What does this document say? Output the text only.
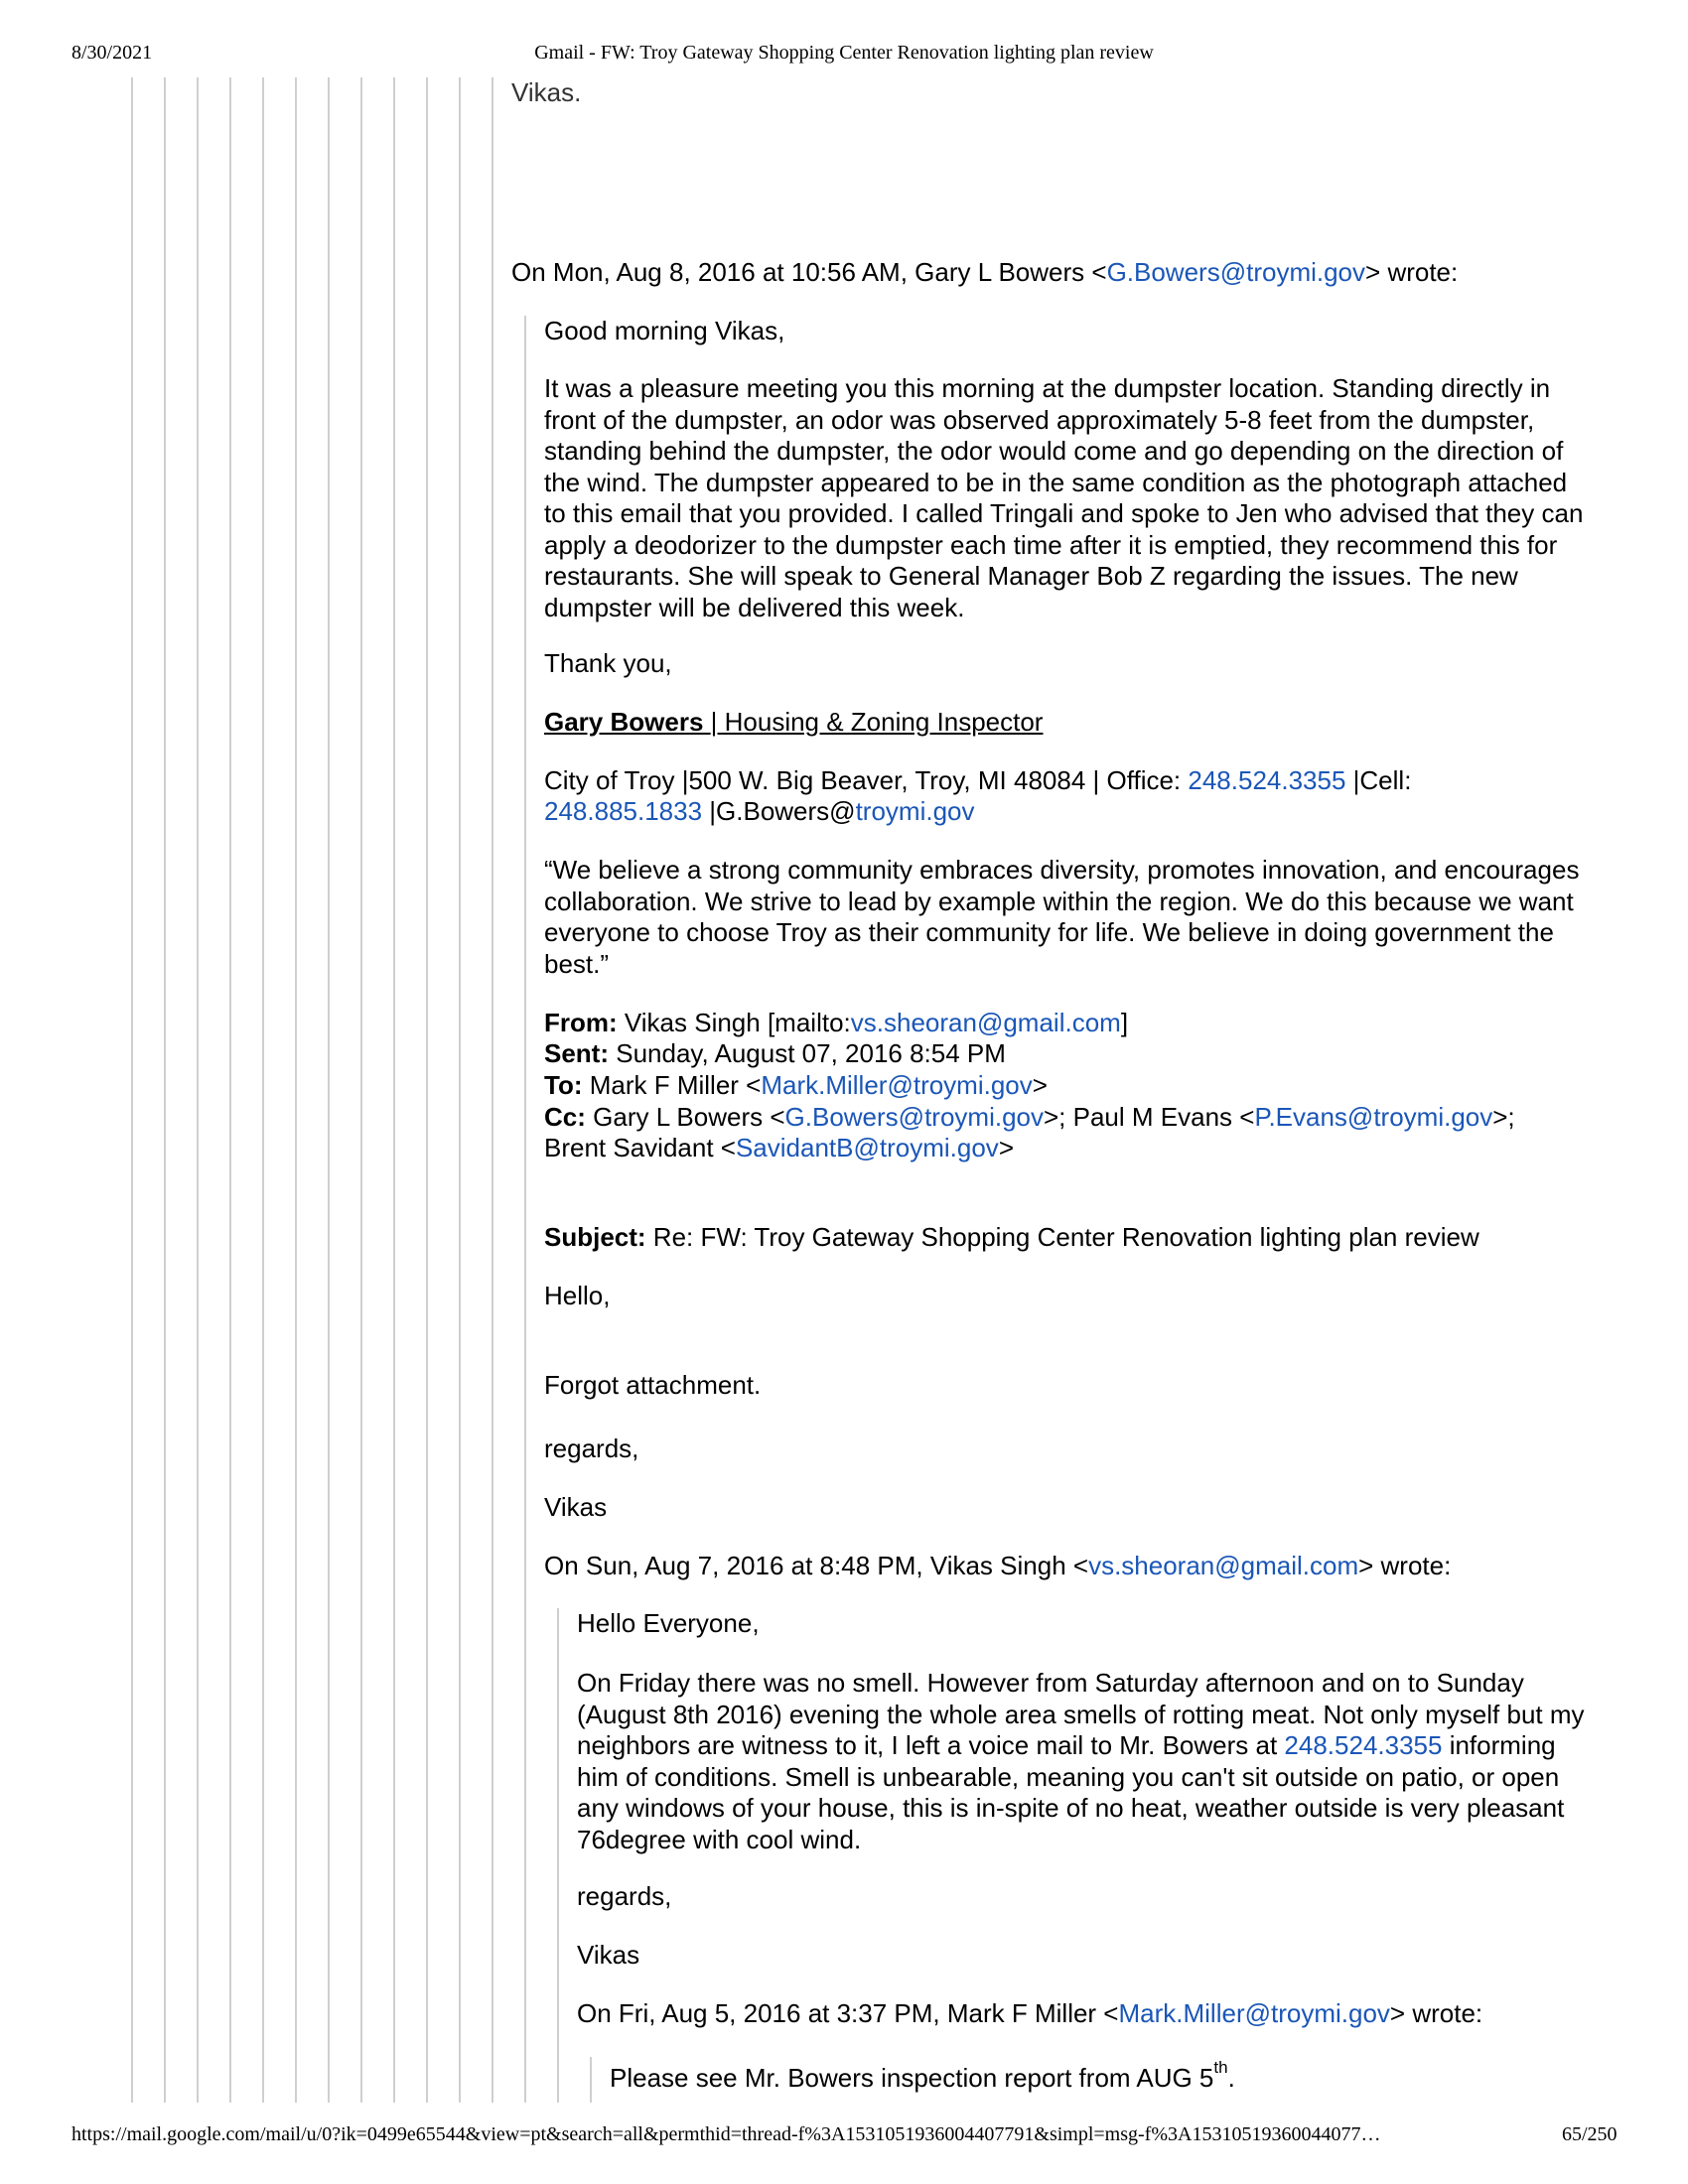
8/30/2021	Gmail - FW: Troy Gateway Shopping Center Renovation lighting plan review
Vikas.
On Mon, Aug 8, 2016 at 10:56 AM, Gary L Bowers <G.Bowers@troymi.gov> wrote:
Good morning Vikas,
It was a pleasure meeting you this morning at the dumpster location. Standing directly in front of the dumpster, an odor was observed approximately 5-8 feet from the dumpster, standing behind the dumpster, the odor would come and go depending on the direction of the wind. The dumpster appeared to be in the same condition as the photograph attached to this email that you provided. I called Tringali and spoke to Jen who advised that they can apply a deodorizer to the dumpster each time after it is emptied, they recommend this for restaurants. She will speak to General Manager Bob Z regarding the issues. The new dumpster will be delivered this week.
Thank you,
Gary Bowers | Housing & Zoning Inspector
City of Troy |500 W. Big Beaver, Troy, MI 48084 | Office: 248.524.3355 |Cell:
248.885.1833 |G.Bowers@troymi.gov
“We believe a strong community embraces diversity, promotes innovation, and encourages collaboration. We strive to lead by example within the region. We do this because we want everyone to choose Troy as their community for life. We believe in doing government the best.”
From: Vikas Singh [mailto:vs.sheoran@gmail.com]
Sent: Sunday, August 07, 2016 8:54 PM
To: Mark F Miller <Mark.Miller@troymi.gov>
Cc: Gary L Bowers <G.Bowers@troymi.gov>; Paul M Evans <P.Evans@troymi.gov>;
Brent Savidant <SavidantB@troymi.gov>
Subject: Re: FW: Troy Gateway Shopping Center Renovation lighting plan review
Hello,
Forgot attachment.
regards,
Vikas
On Sun, Aug 7, 2016 at 8:48 PM, Vikas Singh <vs.sheoran@gmail.com> wrote:
Hello Everyone,
On Friday there was no smell. However from Saturday afternoon and on to Sunday (August 8th 2016) evening the whole area smells of rotting meat. Not only myself but my neighbors are witness to it, I left a voice mail to Mr. Bowers at 248.524.3355 informing him of conditions. Smell is unbearable, meaning you can't sit outside on patio, or open any windows of your house, this is in-spite of no heat, weather outside is very pleasant 76degree with cool wind.
regards,
Vikas
On Fri, Aug 5, 2016 at 3:37 PM, Mark F Miller <Mark.Miller@troymi.gov> wrote:
Please see Mr. Bowers inspection report from AUG 5th.
https://mail.google.com/mail/u/0?ik=0499e65544&view=pt&search=all&permthid=thread-f%3A1531051936004407791&simpl=msg-f%3A15310519360044077…	65/250
